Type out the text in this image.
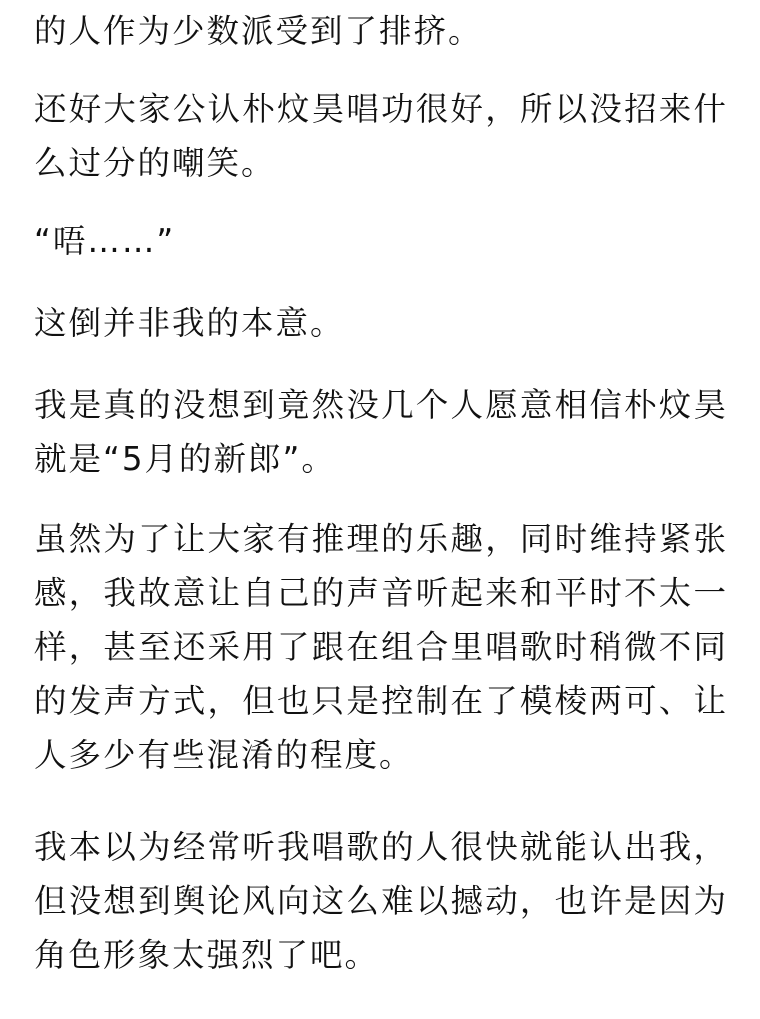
的人作为少数派受到了排挤。

还好大家公认朴炆昊唱功很好，所以没招来什么过分的嘲笑。

“唔……”

这倒并非我的本意。

我是真的没想到竟然没几个人愿意相信朴炆昊就是“5月的新郎”。

虽然为了让大家有推理的乐趣，同时维持紧张感，我故意让自己的声音听起来和平时不太一样，甚至还采用了跟在组合里唱歌时稍微不同的发声方式，但也只是控制在了模棱两可、让人多少有些混淆的程度。

我本以为经常听我唱歌的人很快就能认出我，但没想到舆论风向这么难以撼动，也许是因为角色形象太强烈了吧。
